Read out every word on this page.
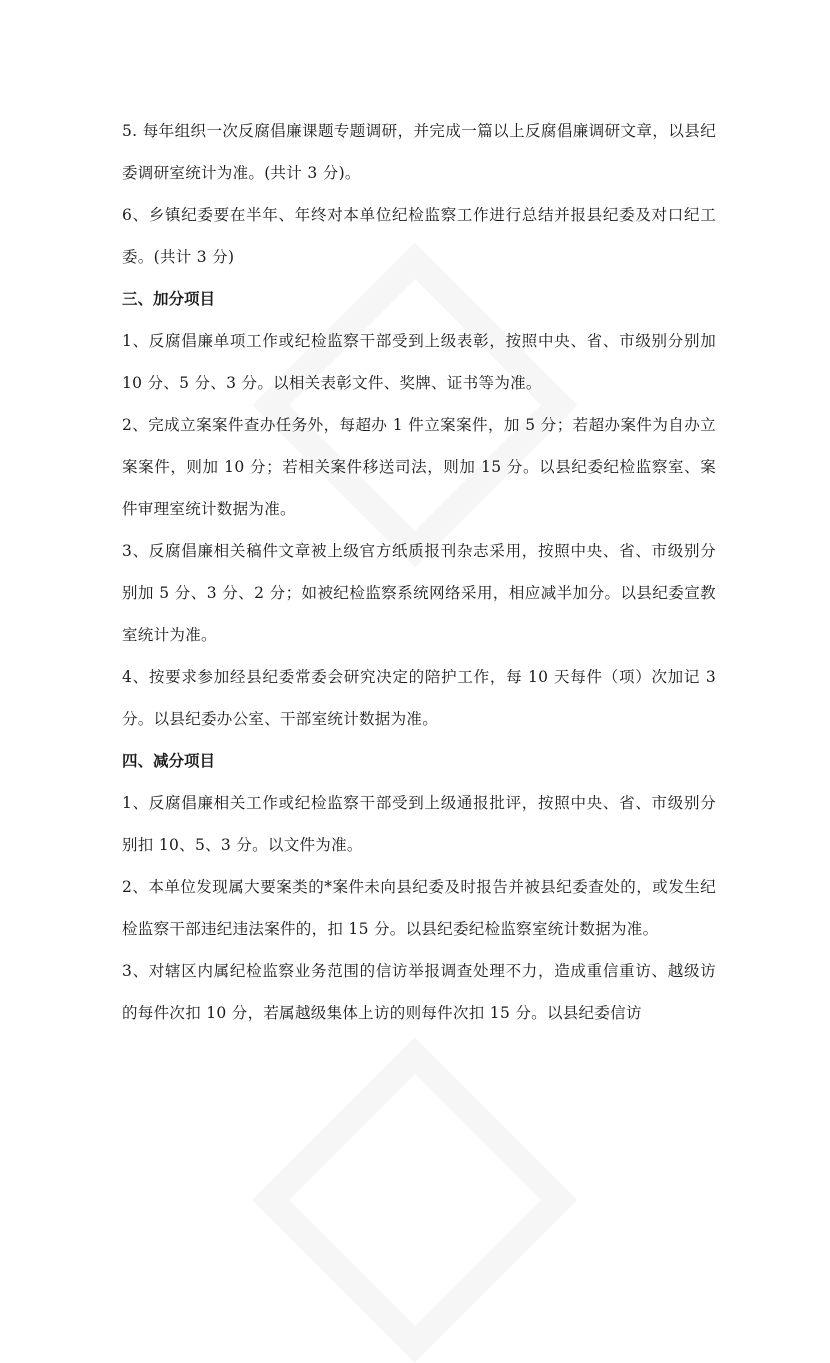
5. 每年组织一次反腐倡廉课题专题调研，并完成一篇以上反腐倡廉调研文章，以县纪委调研室统计为准。(共计 3 分)。

6、乡镇纪委要在半年、年终对本单位纪检监察工作进行总结并报县纪委及对口纪工委。(共计 3 分)

三、加分项目

1、反腐倡廉单项工作或纪检监察干部受到上级表彰，按照中央、省、市级别分别加 10 分、5 分、3 分。以相关表彰文件、奖牌、证书等为准。

2、完成立案案件查办任务外，每超办 1 件立案案件，加 5 分；若超办案件为自办立案案件，则加 10 分；若相关案件移送司法，则加 15 分。以县纪委纪检监察室、案件审理室统计数据为准。

3、反腐倡廉相关稿件文章被上级官方纸质报刊杂志采用，按照中央、省、市级别分别加 5 分、3 分、2 分；如被纪检监察系统网络采用，相应减半加分。以县纪委宣教室统计为准。

4、按要求参加经县纪委常委会研究决定的陪护工作，每 10 天每件（项）次加记 3 分。以县纪委办公室、干部室统计数据为准。

四、减分项目

1、反腐倡廉相关工作或纪检监察干部受到上级通报批评，按照中央、省、市级别分别扣 10、5、3 分。以文件为准。

2、本单位发现属大要案类的*案件未向县纪委及时报告并被县纪委查处的，或发生纪检监察干部违纪违法案件的，扣 15 分。以县纪委纪检监察室统计数据为准。

3、对辖区内属纪检监察业务范围的信访举报调查处理不力，造成重信重访、越级访的每件次扣 10 分，若属越级集体上访的则每件次扣 15 分。以县纪委信访
